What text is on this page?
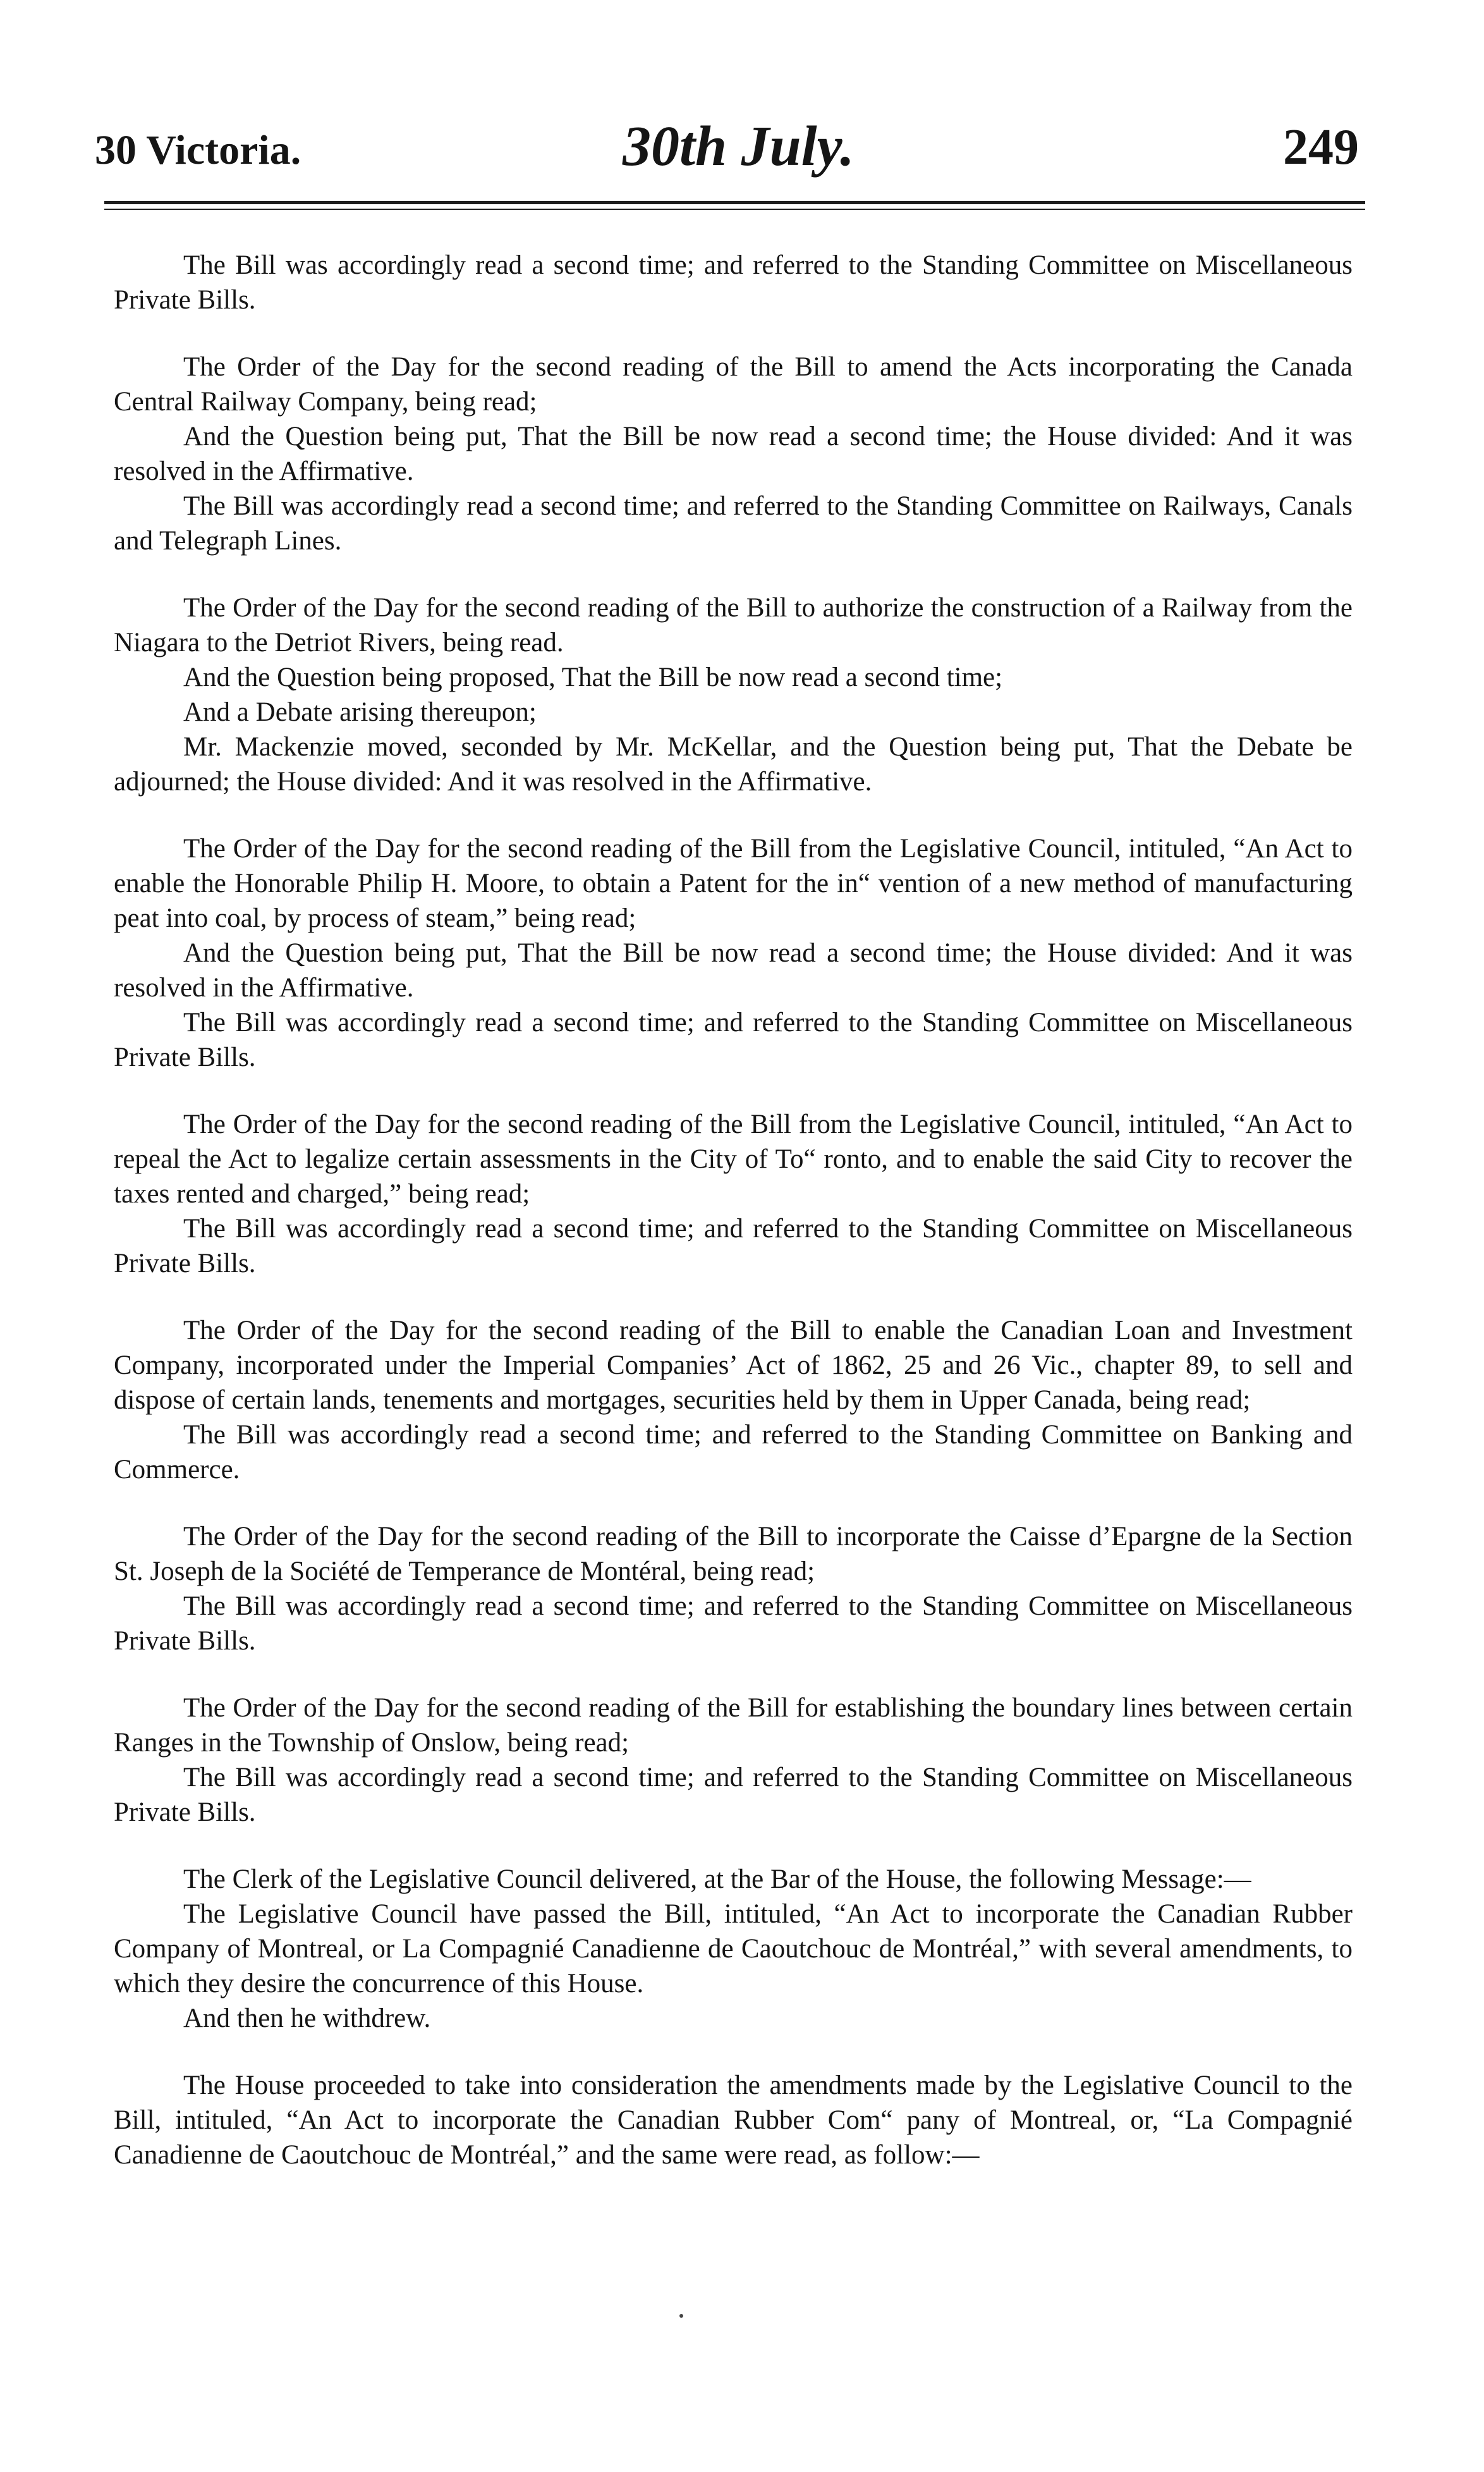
30 Victoria.	30th July.	249

The Bill was accordingly read a second time; and referred to the Standing Committee on Miscellaneous Private Bills.

The Order of the Day for the second reading of the Bill to amend the Acts incorporating the Canada Central Railway Company, being read;

And the Question being put, That the Bill be now read a second time; the House divided: And it was resolved in the Affirmative.

The Bill was accordingly read a second time; and referred to the Standing Committee on Railways, Canals and Telegraph Lines.

The Order of the Day for the second reading of the Bill to authorize the construction of a Railway from the Niagara to the Detriot Rivers, being read.

And the Question being proposed, That the Bill be now read a second time;

And a Debate arising thereupon;

Mr. Mackenzie moved, seconded by Mr. McKellar, and the Question being put, That the Debate be adjourned; the House divided: And it was resolved in the Affirmative.

The Order of the Day for the second reading of the Bill from the Legislative Council, intituled, “An Act to enable the Honorable Philip H. Moore, to obtain a Patent for the in“ vention of a new method of manufacturing peat into coal, by process of steam,” being read;

And the Question being put, That the Bill be now read a second time; the House divided: And it was resolved in the Affirmative.

The Bill was accordingly read a second time; and referred to the Standing Committee on Miscellaneous Private Bills.

The Order of the Day for the second reading of the Bill from the Legislative Council, intituled, “An Act to repeal the Act to legalize certain assessments in the City of To“ ronto, and to enable the said City to recover the taxes rented and charged,” being read;

The Bill was accordingly read a second time; and referred to the Standing Committee on Miscellaneous Private Bills.

The Order of the Day for the second reading of the Bill to enable the Canadian Loan and Investment Company, incorporated under the Imperial Companies’ Act of 1862, 25 and 26 Vic., chapter 89, to sell and dispose of certain lands, tenements and mortgages, securities held by them in Upper Canada, being read;

The Bill was accordingly read a second time; and referred to the Standing Committee on Banking and Commerce.

The Order of the Day for the second reading of the Bill to incorporate the Caisse d’Epargne de la Section St. Joseph de la Société de Temperance de Montéral, being read;

The Bill was accordingly read a second time; and referred to the Standing Committee on Miscellaneous Private Bills.

The Order of the Day for the second reading of the Bill for establishing the boundary lines between certain Ranges in the Township of Onslow, being read;

The Bill was accordingly read a second time; and referred to the Standing Committee on Miscellaneous Private Bills.

The Clerk of the Legislative Council delivered, at the Bar of the House, the following Message:—

The Legislative Council have passed the Bill, intituled, “An Act to incorporate the Canadian Rubber Company of Montreal, or La Compagnié Canadienne de Caoutchouc de Montréal,” with several amendments, to which they desire the concurrence of this House.

And then he withdrew.

The House proceeded to take into consideration the amendments made by the Legislative Council to the Bill, intituled, “An Act to incorporate the Canadian Rubber Com“ pany of Montreal, or, “La Compagnié Canadienne de Caoutchouc de Montréal,” and the same were read, as follow:—
